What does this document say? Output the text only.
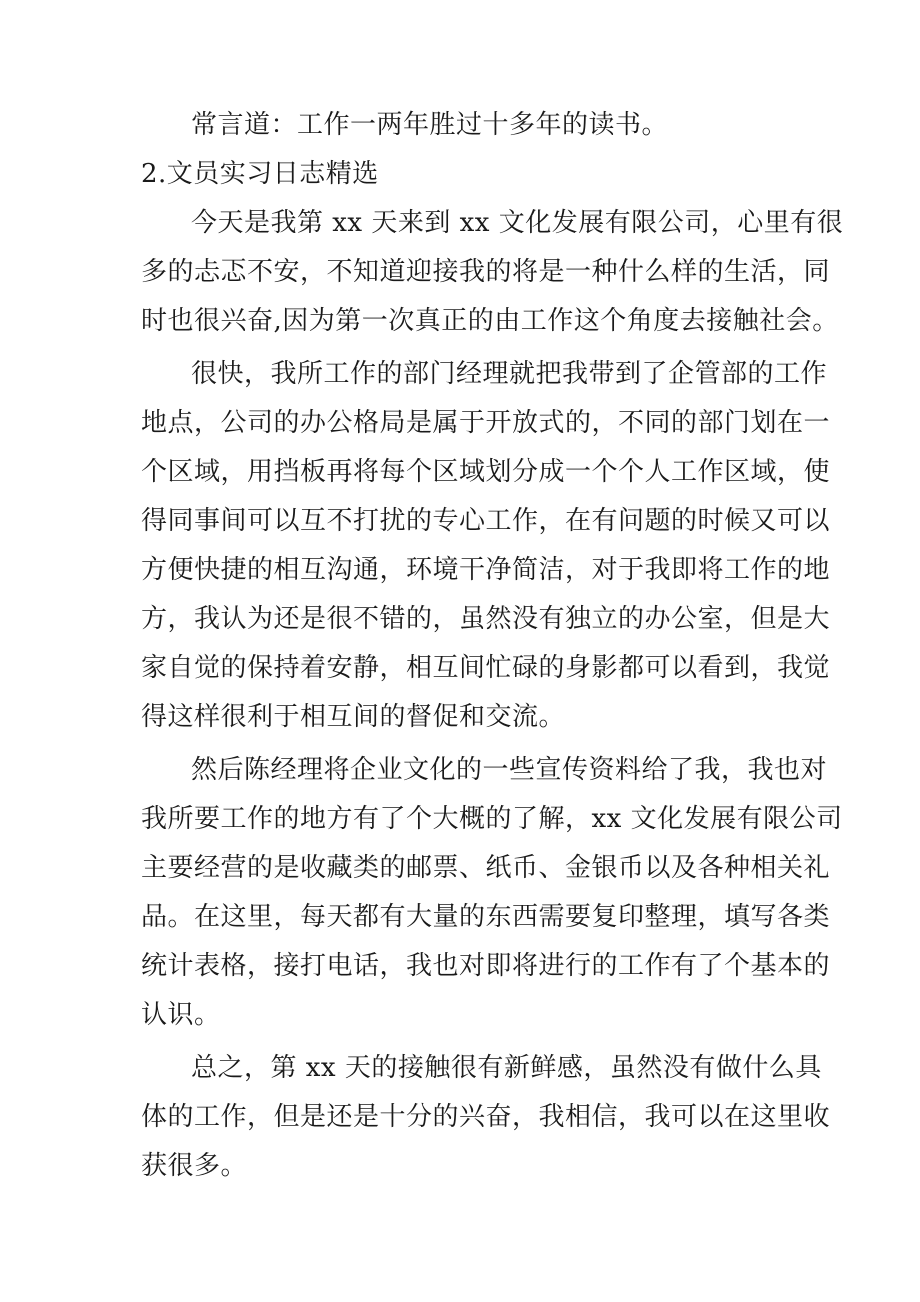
常言道：工作一两年胜过十多年的读书。
2.文员实习日志精选
今天是我第 xx 天来到 xx 文化发展有限公司，心里有很
多的忐忑不安，不知道迎接我的将是一种什么样的生活，同
时也很兴奋,因为第一次真正的由工作这个角度去接触社会。
很快，我所工作的部门经理就把我带到了企管部的工作
地点，公司的办公格局是属于开放式的，不同的部门划在一
个区域，用挡板再将每个区域划分成一个个人工作区域，使
得同事间可以互不打扰的专心工作，在有问题的时候又可以
方便快捷的相互沟通，环境干净简洁，对于我即将工作的地
方，我认为还是很不错的，虽然没有独立的办公室，但是大
家自觉的保持着安静，相互间忙碌的身影都可以看到，我觉
得这样很利于相互间的督促和交流。
然后陈经理将企业文化的一些宣传资料给了我，我也对
我所要工作的地方有了个大概的了解，xx 文化发展有限公司
主要经营的是收藏类的邮票、纸币、金银币以及各种相关礼
品。在这里，每天都有大量的东西需要复印整理，填写各类
统计表格，接打电话，我也对即将进行的工作有了个基本的
认识。
总之，第 xx 天的接触很有新鲜感，虽然没有做什么具
体的工作，但是还是十分的兴奋，我相信，我可以在这里收
获很多。
